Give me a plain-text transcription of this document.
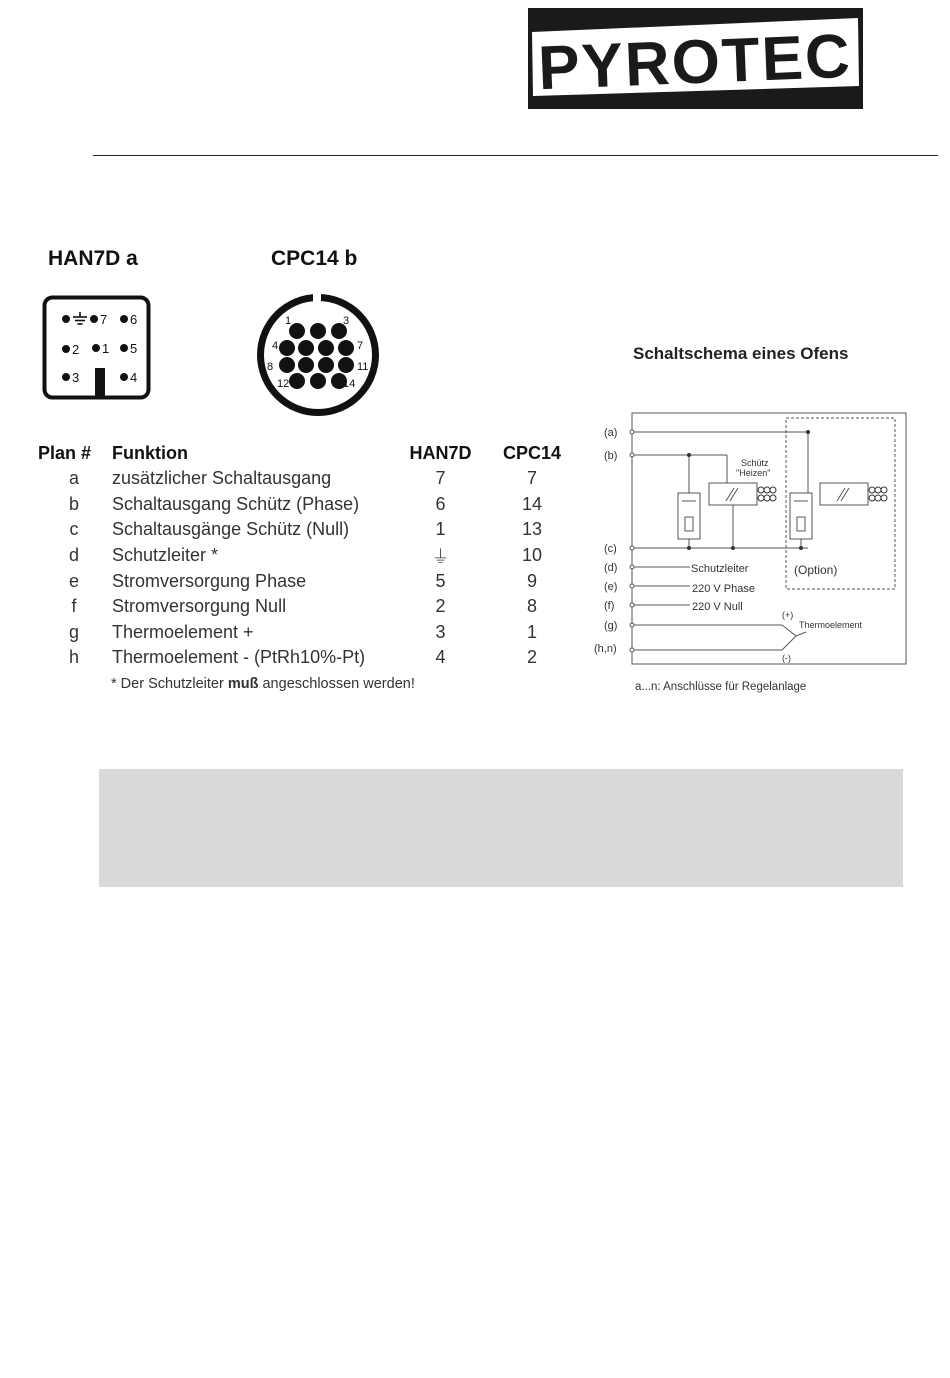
PYROTEC
HAN7D a	CPC14 b
7 6
2 1 5
3	4
1	3
4	7
8	11
12	14
Schaltschema eines Ofens
Plan #	Funktion	HAN7D	CPC14
a	zusätzlicher Schaltausgang	7	7
b	Schaltausgang Schütz (Phase)	6	14
c	Schaltausgänge Schütz (Null)	1	13
d	Schutzleiter *	⏚	10
e	Stromversorgung Phase	5	9
f	Stromversorgung Null	2	8
g	Thermoelement +	3	1
h	Thermoelement - (PtRh10%-Pt)	4	2
* Der Schutzleiter muß angeschlossen werden!
(a)
(b)
(c)
(d)
(e)
(f)
(g)
(h,n)
Schütz
"Heizen"
Schutzleiter
220 V Phase
220 V Null
(Option)
Thermoelement
(+)
(-)
a...n: Anschlüsse für Regelanlage
